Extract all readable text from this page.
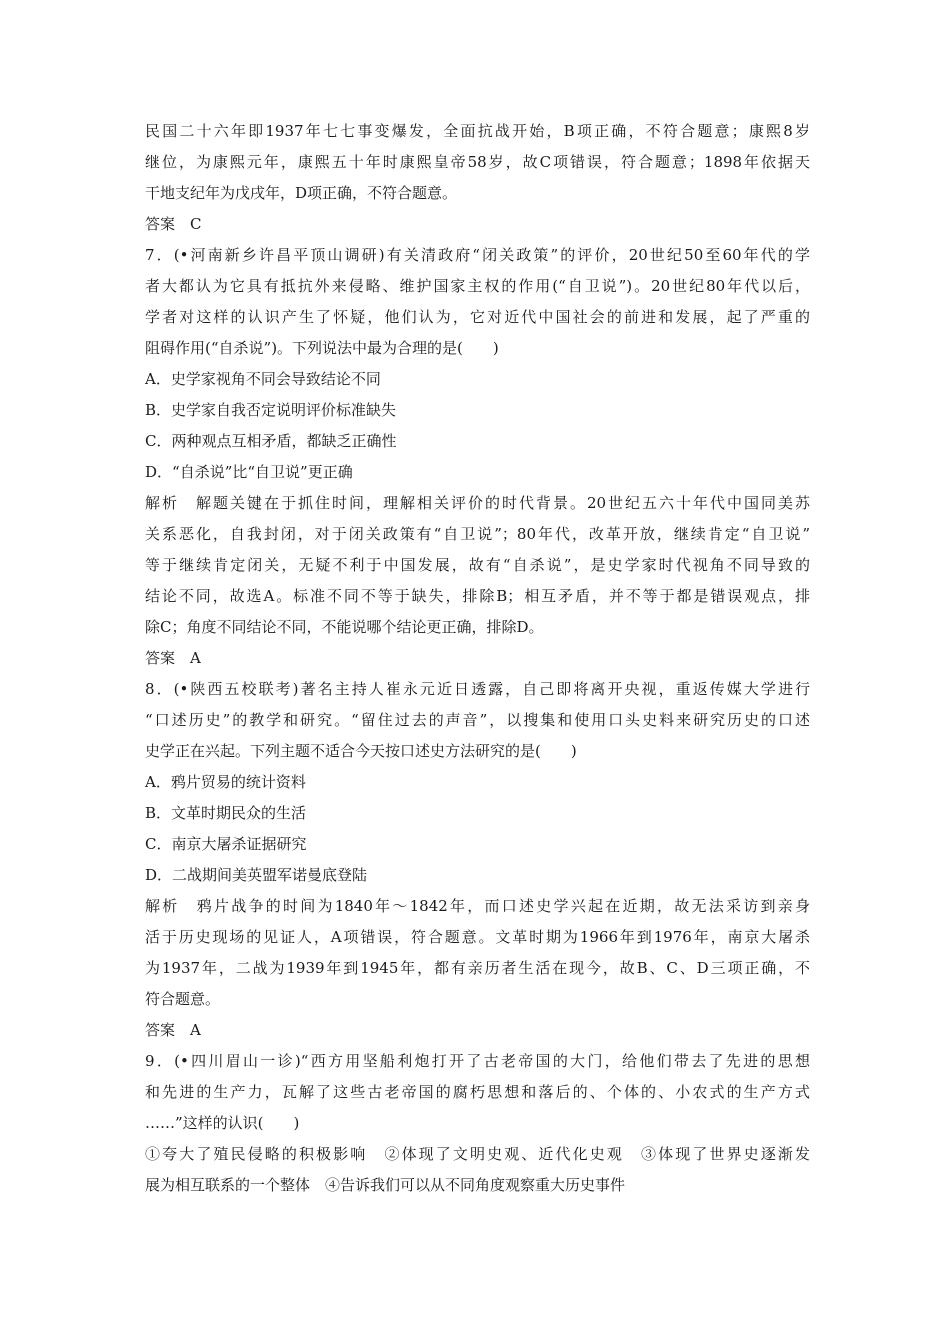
民国二十六年即1937年七七事变爆发，全面抗战开始，B项正确，不符合题意；康熙8岁
继位，为康熙元年，康熙五十年时康熙皇帝58岁，故C项错误，符合题意；1898年依据天
干地支纪年为戊戌年，D项正确，不符合题意。
答案　C
7．(•河南新乡许昌平顶山调研)有关清政府“闭关政策”的评价，20世纪50至60年代的学
者大都认为它具有抵抗外来侵略、维护国家主权的作用(“自卫说”)。20世纪80年代以后，
学者对这样的认识产生了怀疑，他们认为，它对近代中国社会的前进和发展，起了严重的
阻碍作用(“自杀说”)。下列说法中最为合理的是(　　)
A．史学家视角不同会导致结论不同
B．史学家自我否定说明评价标准缺失
C．两种观点互相矛盾，都缺乏正确性
D．“自杀说”比“自卫说”更正确
解析　解题关键在于抓住时间，理解相关评价的时代背景。20世纪五六十年代中国同美苏
关系恶化，自我封闭，对于闭关政策有“自卫说”；80年代，改革开放，继续肯定“自卫说”
等于继续肯定闭关，无疑不利于中国发展，故有“自杀说”，是史学家时代视角不同导致的
结论不同，故选A。标准不同不等于缺失，排除B；相互矛盾，并不等于都是错误观点，排
除C；角度不同结论不同，不能说哪个结论更正确，排除D。
答案　A
8．(•陕西五校联考)著名主持人崔永元近日透露，自己即将离开央视，重返传媒大学进行
“口述历史”的教学和研究。“留住过去的声音”，以搜集和使用口头史料来研究历史的口述
史学正在兴起。下列主题不适合今天按口述史方法研究的是(　　)
A．鸦片贸易的统计资料
B．文革时期民众的生活
C．南京大屠杀证据研究
D．二战期间美英盟军诺曼底登陆
解析　鸦片战争的时间为1840年～1842年，而口述史学兴起在近期，故无法采访到亲身
活于历史现场的见证人，A项错误，符合题意。文革时期为1966年到1976年，南京大屠杀
为1937年，二战为1939年到1945年，都有亲历者生活在现今，故B、C、D三项正确，不
符合题意。
答案　A
9．(•四川眉山一诊)“西方用坚船利炮打开了古老帝国的大门，给他们带去了先进的思想
和先进的生产力，瓦解了这些古老帝国的腐朽思想和落后的、个体的、小农式的生产方式
……”这样的认识(　　)
①夸大了殖民侵略的积极影响　②体现了文明史观、近代化史观　③体现了世界史逐渐发
展为相互联系的一个整体　④告诉我们可以从不同角度观察重大历史事件
